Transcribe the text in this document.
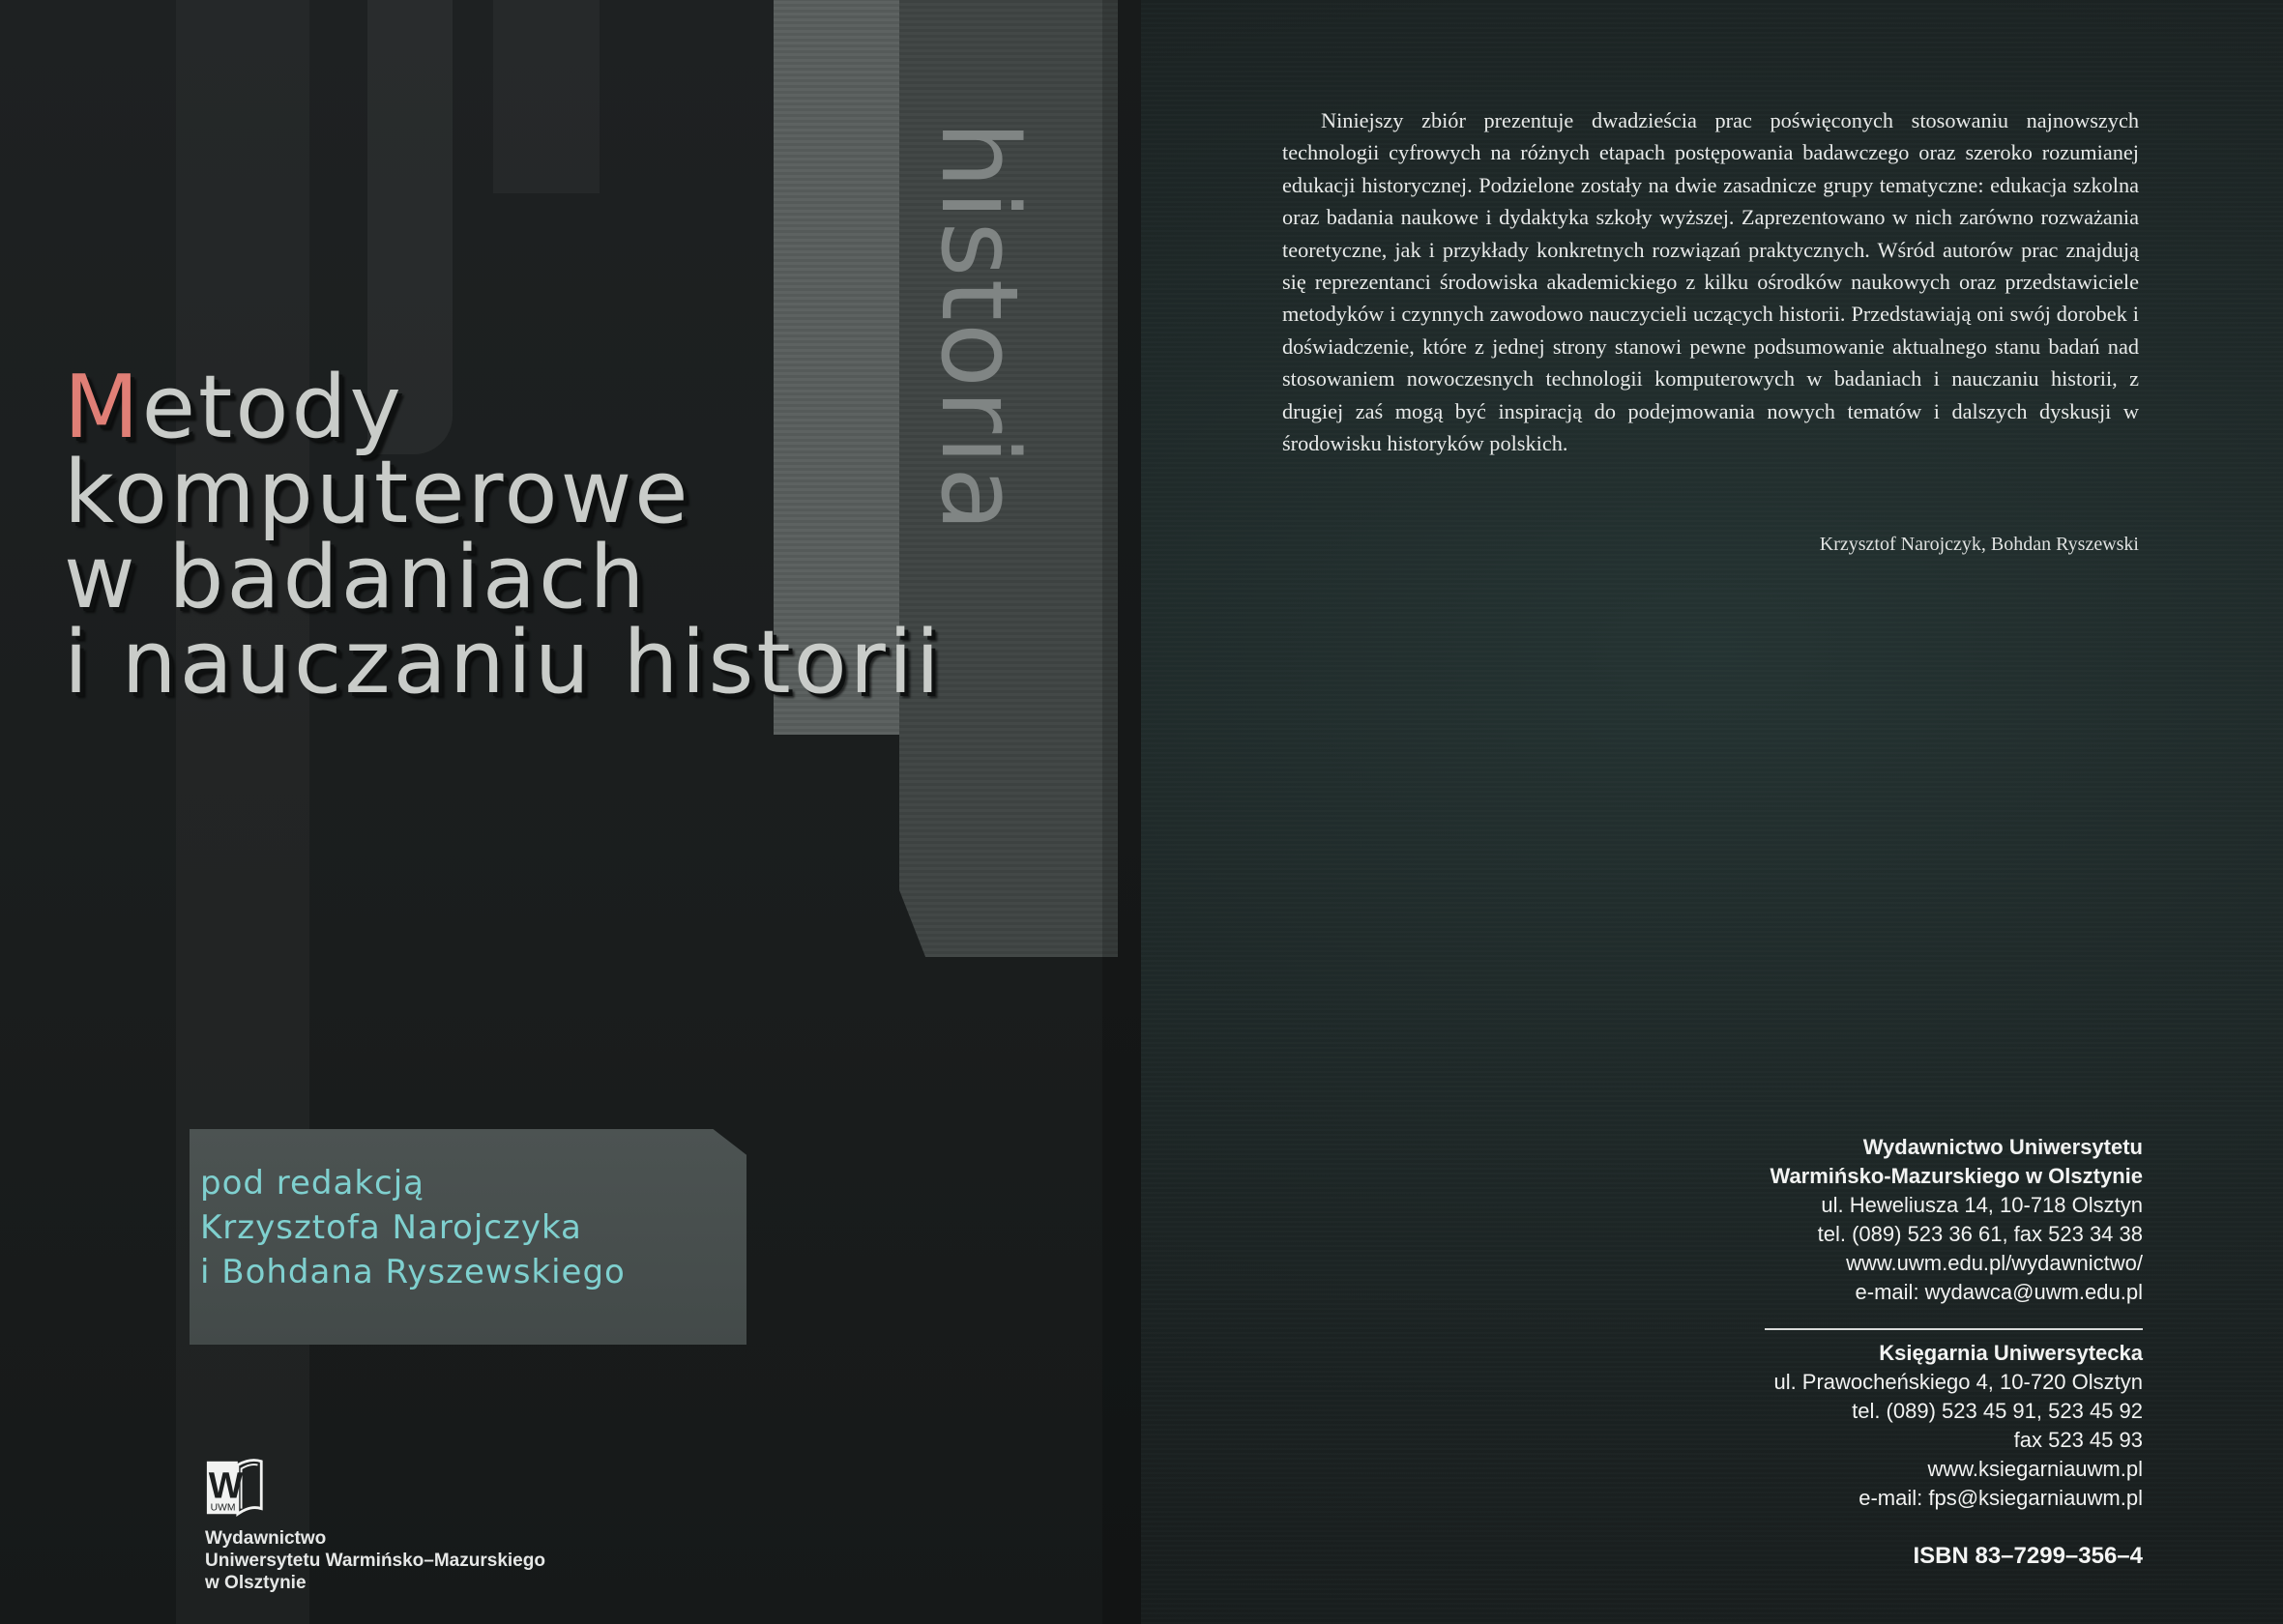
historia
Metody
komputerowe
w badaniach
i nauczaniu historii
pod redakcją
Krzysztofa Narojczyka
i Bohdana Ryszewskiego
W
UWM
Wydawnictwo
Uniwersytetu Warmińsko–Mazurskiego
w Olsztynie
Niniejszy zbiór prezentuje dwadzieścia prac poświęconych stosowaniu najnowszych technologii cyfrowych na różnych etapach postępowania badawczego oraz szeroko rozumianej edukacji historycznej. Podzielone zostały na dwie zasadnicze grupy tematyczne: edukacja szkolna oraz badania naukowe i dydaktyka szkoły wyższej. Zaprezentowano w nich zarówno rozważania teoretyczne, jak i przykłady konkretnych rozwiązań praktycznych. Wśród autorów prac znajdują się reprezentanci środowiska akademickiego z kilku ośrodków naukowych oraz przedstawiciele metodyków i czynnych zawodowo nauczycieli uczących historii. Przedstawiają oni swój dorobek i doświadczenie, które z jednej strony stanowi pewne podsumowanie aktualnego stanu badań nad stosowaniem nowoczesnych technologii komputerowych w badaniach i nauczaniu historii, z drugiej zaś mogą być inspiracją do podejmowania nowych tematów i dalszych dyskusji w środowisku historyków polskich.
Krzysztof Narojczyk, Bohdan Ryszewski
Wydawnictwo Uniwersytetu
Warmińsko-Mazurskiego w Olsztynie
ul. Heweliusza 14, 10-718 Olsztyn
tel. (089) 523 36 61, fax 523 34 38
www.uwm.edu.pl/wydawnictwo/
e-mail: wydawca@uwm.edu.pl
Księgarnia Uniwersytecka
ul. Prawocheńskiego 4, 10-720 Olsztyn
tel. (089) 523 45 91, 523 45 92
fax 523 45 93
www.ksiegarniauwm.pl
e-mail: fps@ksiegarniauwm.pl
ISBN 83–7299–356–4
